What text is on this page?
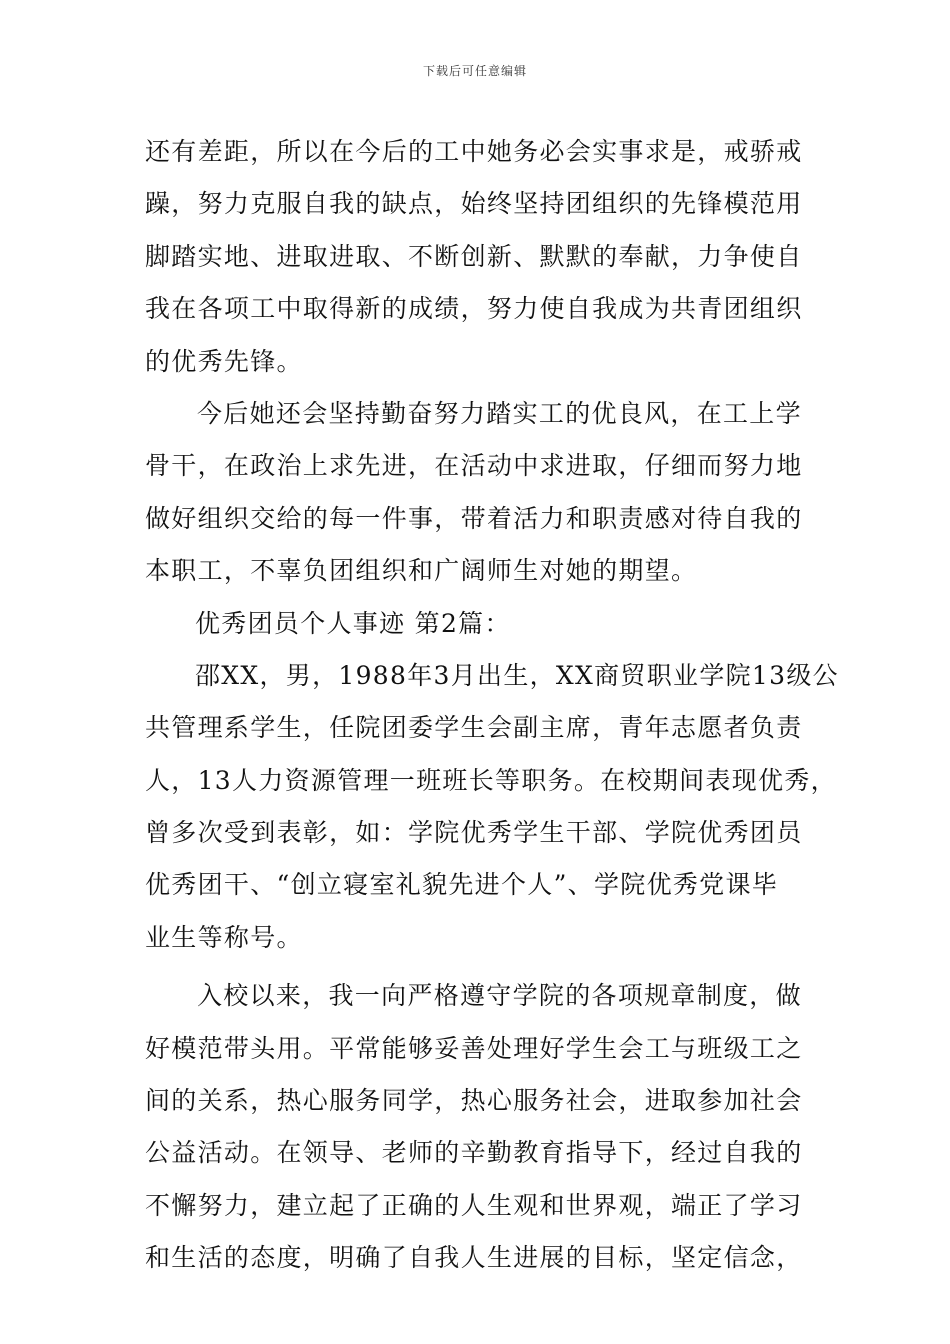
下载后可任意编辑
还有差距，所以在今后的工中她务必会实事求是，戒骄戒
躁，努力克服自我的缺点，始终坚持团组织的先锋模范用
脚踏实地、进取进取、不断创新、默默的奉献，力争使自
我在各项工中取得新的成绩，努力使自我成为共青团组织
的优秀先锋。
今后她还会坚持勤奋努力踏实工的优良风，在工上学
骨干，在政治上求先进，在活动中求进取，仔细而努力地
做好组织交给的每一件事，带着活力和职责感对待自我的
本职工，不辜负团组织和广阔师生对她的期望。
优秀团员个人事迹 第2篇：
邵XX，男，1988年3月出生，XX商贸职业学院13级公
共管理系学生，任院团委学生会副主席，青年志愿者负责
人，13人力资源管理一班班长等职务。在校期间表现优秀，
曾多次受到表彰，如：学院优秀学生干部、学院优秀团员
优秀团干、“创立寝室礼貌先进个人”、学院优秀党课毕
业生等称号。
入校以来，我一向严格遵守学院的各项规章制度，做
好模范带头用。平常能够妥善处理好学生会工与班级工之
间的关系，热心服务同学，热心服务社会，进取参加社会
公益活动。在领导、老师的辛勤教育指导下，经过自我的
不懈努力，建立起了正确的人生观和世界观，端正了学习
和生活的态度，明确了自我人生进展的目标，坚定信念，
